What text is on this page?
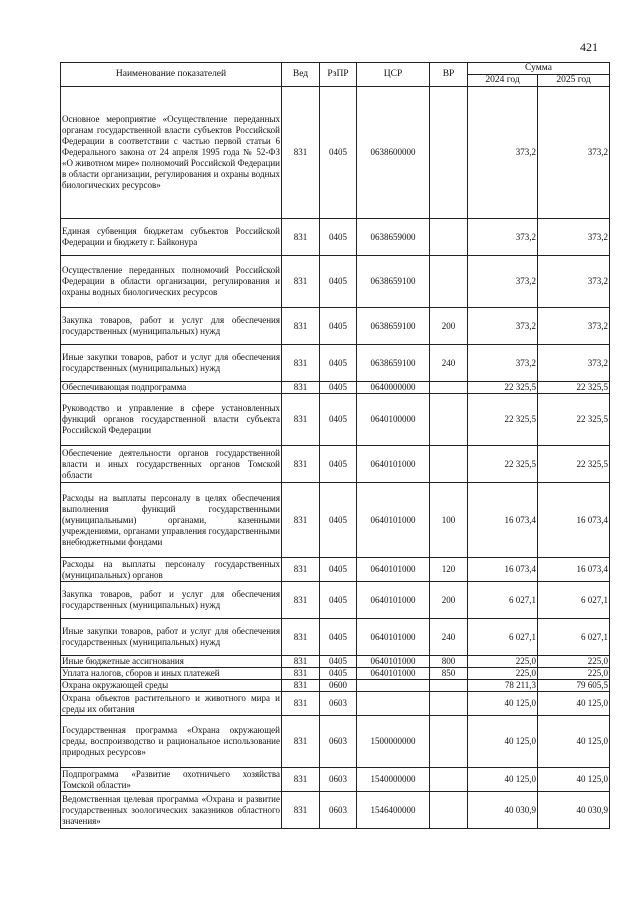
421
Наименование показателей	Вед	РзПР	ЦСР	ВР	Сумма	
					2024 год	2025 год
Основное мероприятие «Осуществление переданных органам государственной власти субъектов Российской Федерации в соответствии с частью первой статьи 6 Федерального закона от 24 апреля 1995 года № 52-ФЗ «О животном мире» полномочий Российской Федерации в области организации, регулирования и охраны водных биологических ресурсов»	831	0405	0638600000		373,2	373,2
Единая субвенция бюджетам субъектов Российской Федерации и бюджету г. Байконура	831	0405	0638659000		373,2	373,2
Осуществление переданных полномочий Российской Федерации в области организации, регулирования и охраны водных биологических ресурсов	831	0405	0638659100		373,2	373,2
Закупка товаров, работ и услуг для обеспечения государственных (муниципальных) нужд	831	0405	0638659100	200	373,2	373,2
Иные закупки товаров, работ и услуг для обеспечения государственных (муниципальных) нужд	831	0405	0638659100	240	373,2	373,2
Обеспечивающая подпрограмма	831	0405	0640000000		22 325,5	22 325,5
Руководство и управление в сфере установленных функций органов государственной власти субъекта Российской Федерации	831	0405	0640100000		22 325,5	22 325,5
Обеспечение деятельности органов государственной власти и иных государственных органов Томской области	831	0405	0640101000		22 325,5	22 325,5
Расходы на выплаты персоналу в целях обеспечения выполнения функций государственными (муниципальными) органами, казенными учреждениями, органами управления государственными внебюджетными фондами	831	0405	0640101000	100	16 073,4	16 073,4
Расходы на выплаты персоналу государственных (муниципальных) органов	831	0405	0640101000	120	16 073,4	16 073,4
Закупка товаров, работ и услуг для обеспечения государственных (муниципальных) нужд	831	0405	0640101000	200	6 027,1	6 027,1
Иные закупки товаров, работ и услуг для обеспечения государственных (муниципальных) нужд	831	0405	0640101000	240	6 027,1	6 027,1
Иные бюджетные ассигнования	831	0405	0640101000	800	225,0	225,0
Уплата налогов, сборов и иных платежей	831	0405	0640101000	850	225,0	225,0
Охрана окружающей среды	831	0600			78 211,3	79 605,5
Охрана объектов растительного и животного мира и среды их обитания	831	0603			40 125,0	40 125,0
Государственная программа «Охрана окружающей среды, воспроизводство и рациональное использование природных ресурсов»	831	0603	1500000000		40 125,0	40 125,0
Подпрограмма «Развитие охотничьего хозяйства Томской области»	831	0603	1540000000		40 125,0	40 125,0
Ведомственная целевая программа «Охрана и развитие государственных зоологических заказников областного значения»	831	0603	1546400000		40 030,9	40 030,9
